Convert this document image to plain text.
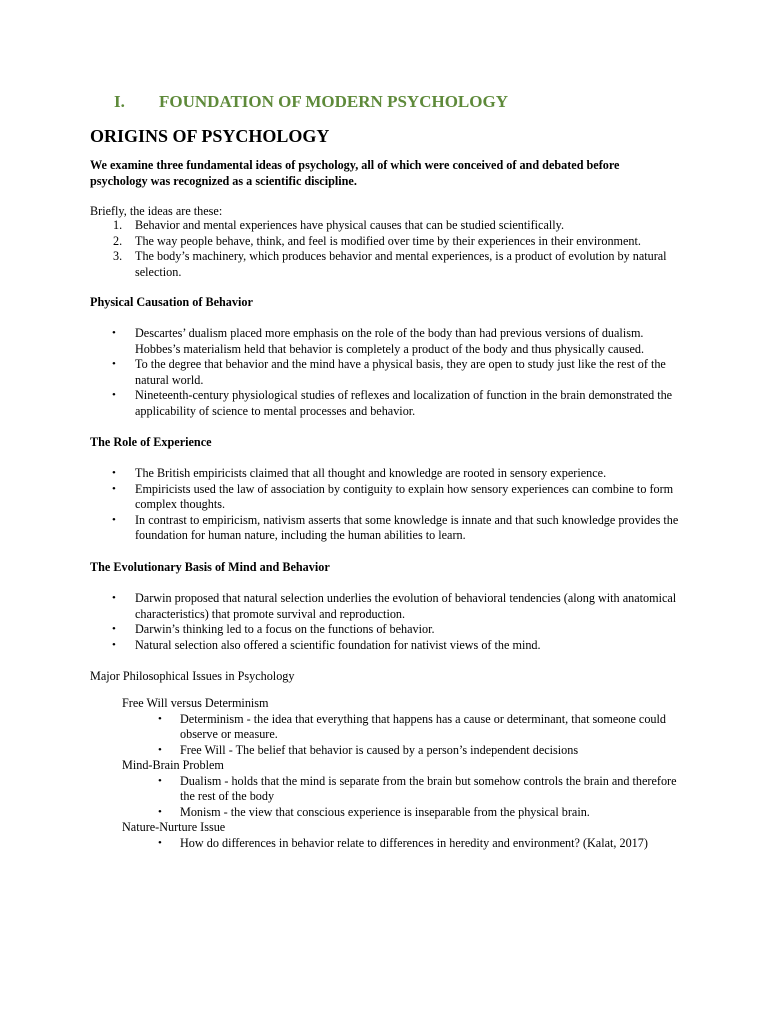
I. FOUNDATION OF MODERN PSYCHOLOGY
ORIGINS OF PSYCHOLOGY
We examine three fundamental ideas of psychology, all of which were conceived of and debated before psychology was recognized as a scientific discipline.
Briefly, the ideas are these:
1. Behavior and mental experiences have physical causes that can be studied scientifically.
2. The way people behave, think, and feel is modified over time by their experiences in their environment.
3. The body’s machinery, which produces behavior and mental experiences, is a product of evolution by natural selection.
Physical Causation of Behavior
• Descartes’ dualism placed more emphasis on the role of the body than had previous versions of dualism. Hobbes’s materialism held that behavior is completely a product of the body and thus physically caused.
• To the degree that behavior and the mind have a physical basis, they are open to study just like the rest of the natural world.
• Nineteenth-century physiological studies of reflexes and localization of function in the brain demonstrated the applicability of science to mental processes and behavior.
The Role of Experience
• The British empiricists claimed that all thought and knowledge are rooted in sensory experience.
• Empiricists used the law of association by contiguity to explain how sensory experiences can combine to form complex thoughts.
• In contrast to empiricism, nativism asserts that some knowledge is innate and that such knowledge provides the foundation for human nature, including the human abilities to learn.
The Evolutionary Basis of Mind and Behavior
• Darwin proposed that natural selection underlies the evolution of behavioral tendencies (along with anatomical characteristics) that promote survival and reproduction.
• Darwin’s thinking led to a focus on the functions of behavior.
• Natural selection also offered a scientific foundation for nativist views of the mind.
Major Philosophical Issues in Psychology
Free Will versus Determinism
• Determinism - the idea that everything that happens has a cause or determinant, that someone could observe or measure.
• Free Will - The belief that behavior is caused by a person’s independent decisions
Mind-Brain Problem
• Dualism - holds that the mind is separate from the brain but somehow controls the brain and therefore the rest of the body
• Monism - the view that conscious experience is inseparable from the physical brain.
Nature-Nurture Issue
• How do differences in behavior relate to differences in heredity and environment? (Kalat, 2017)
